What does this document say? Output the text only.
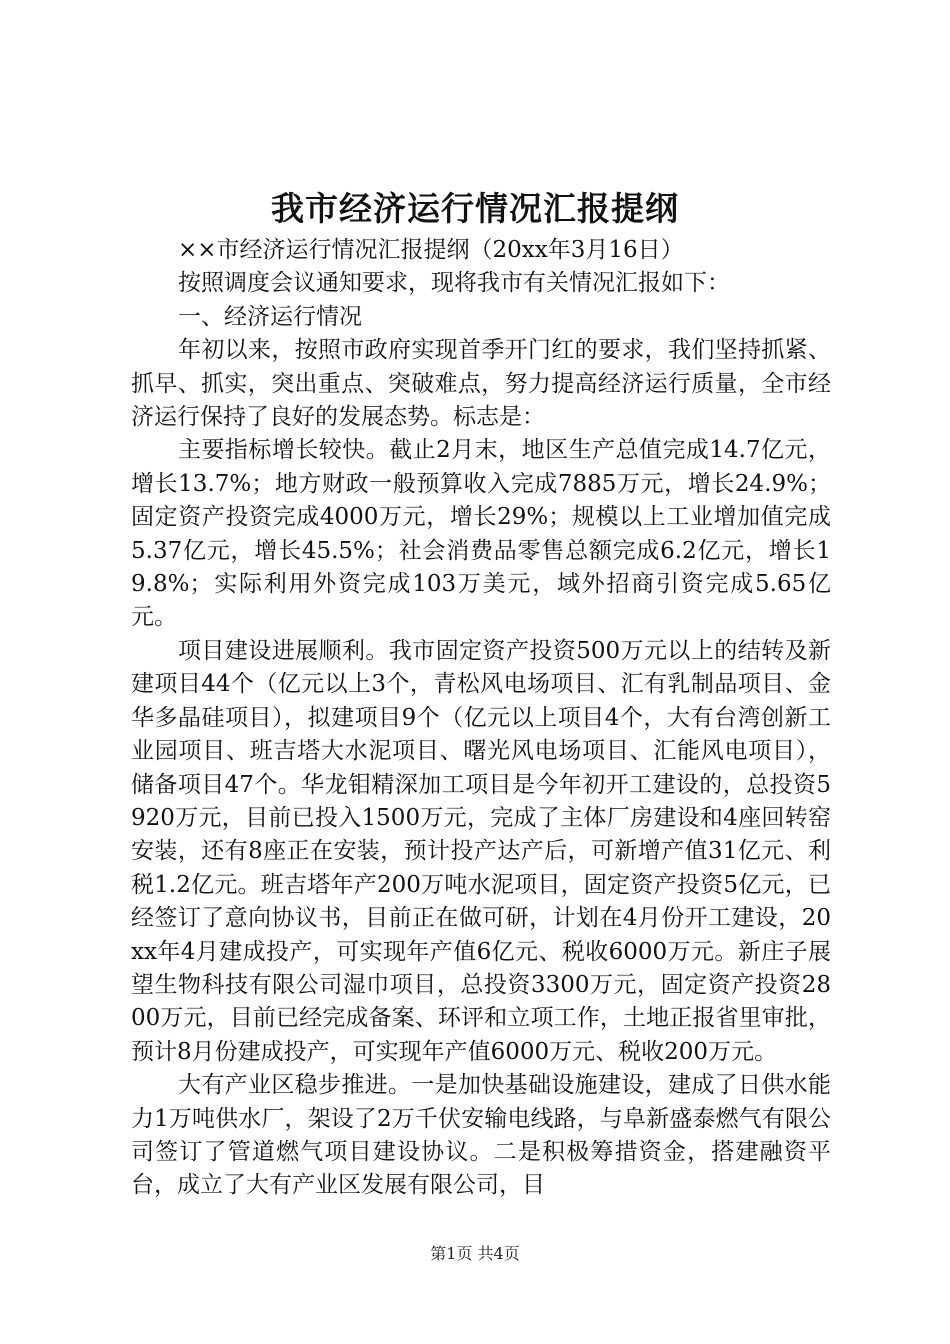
我市经济运行情况汇报提纲

××市经济运行情况汇报提纲（20xx年3月16日）

按照调度会议通知要求，现将我市有关情况汇报如下：

一、经济运行情况

年初以来，按照市政府实现首季开门红的要求，我们坚持抓紧、抓早、抓实，突出重点、突破难点，努力提高经济运行质量，全市经济运行保持了良好的发展态势。标志是：

主要指标增长较快。截止2月末，地区生产总值完成14.7亿元，增长13.7%；地方财政一般预算收入完成7885万元，增长24.9%；固定资产投资完成4000万元，增长29%；规模以上工业增加值完成5.37亿元，增长45.5%；社会消费品零售总额完成6.2亿元，增长19.8%；实际利用外资完成103万美元，域外招商引资完成5.65亿元。

项目建设进展顺利。我市固定资产投资500万元以上的结转及新建项目44个（亿元以上3个，青松风电场项目、汇有乳制品项目、金华多晶硅项目），拟建项目9个（亿元以上项目4个，大有台湾创新工业园项目、班吉塔大水泥项目、曙光风电场项目、汇能风电项目），储备项目47个。华龙钼精深加工项目是今年初开工建设的，总投资5920万元，目前已投入1500万元，完成了主体厂房建设和4座回转窑安装，还有8座正在安装，预计投产达产后，可新增产值31亿元、利税1.2亿元。班吉塔年产200万吨水泥项目，固定资产投资5亿元，已经签订了意向协议书，目前正在做可研，计划在4月份开工建设，20xx年4月建成投产，可实现年产值6亿元、税收6000万元。新庄子展望生物科技有限公司湿巾项目，总投资3300万元，固定资产投资2800万元，目前已经完成备案、环评和立项工作，土地正报省里审批，预计8月份建成投产，可实现年产值6000万元、税收200万元。

大有产业区稳步推进。一是加快基础设施建设，建成了日供水能力1万吨供水厂，架设了2万千伏安输电线路，与阜新盛泰燃气有限公司签订了管道燃气项目建设协议。二是积极筹措资金，搭建融资平台，成立了大有产业区发展有限公司，目

第1页 共4页
